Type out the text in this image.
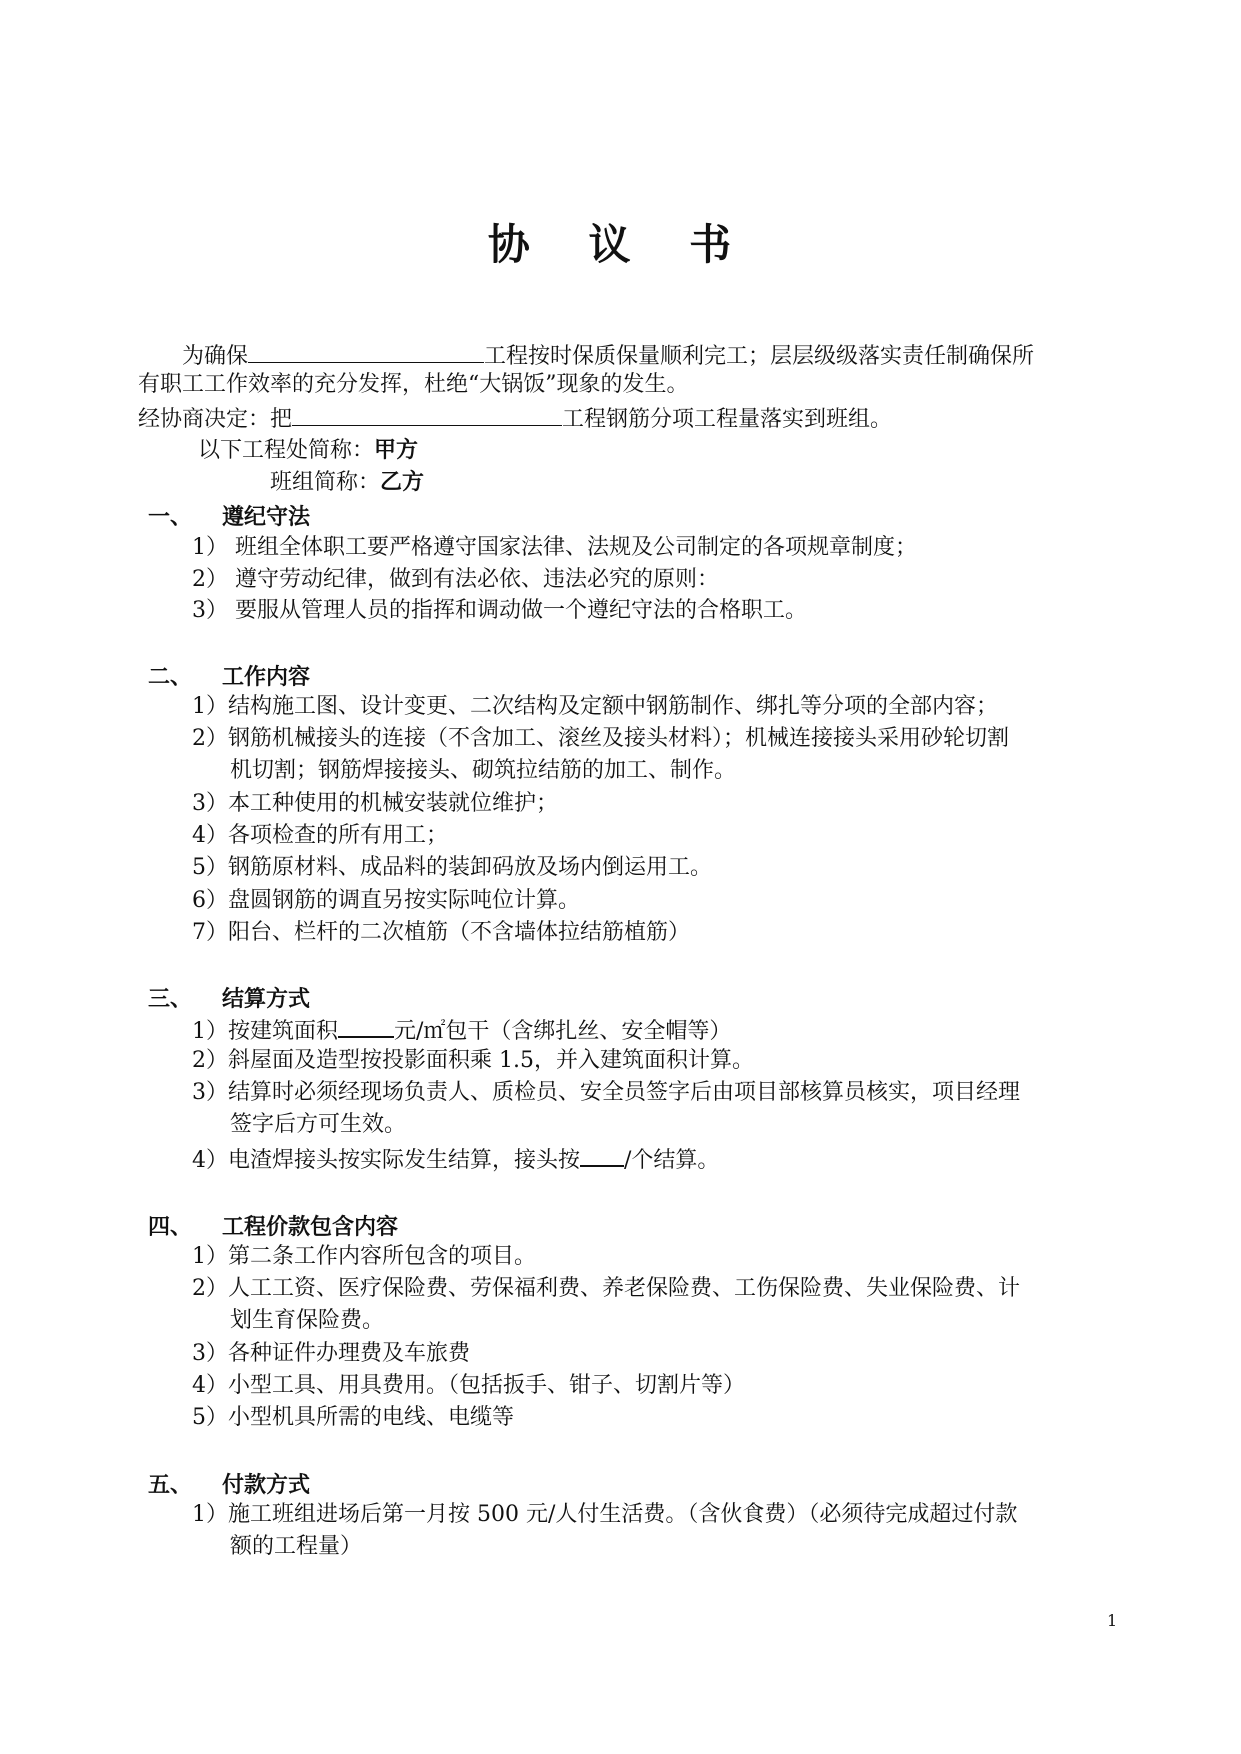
协 议 书
为确保	工程按时保质保量顺利完工；层层级级落实责任制确保所
有职工工作效率的充分发挥，杜绝“大锅饭”现象的发生。
经协商决定：把	工程钢筋分项工程量落实到班组。
以下工程处简称：甲方
班组简称：乙方
一、 遵纪守法
1） 班组全体职工要严格遵守国家法律、法规及公司制定的各项规章制度；
2） 遵守劳动纪律，做到有法必依、违法必究的原则：
3） 要服从管理人员的指挥和调动做一个遵纪守法的合格职工。
二、 工作内容
1）结构施工图、设计变更、二次结构及定额中钢筋制作、绑扎等分项的全部内容；
2）钢筋机械接头的连接（不含加工、滚丝及接头材料）；机械连接接头采用砂轮切割
机切割；钢筋焊接接头、砌筑拉结筋的加工、制作。
3）本工种使用的机械安装就位维护；
4）各项检查的所有用工；
5）钢筋原材料、成品料的装卸码放及场内倒运用工。
6）盘圆钢筋的调直另按实际吨位计算。
7）阳台、栏杆的二次植筋（不含墙体拉结筋植筋）
三、 结算方式
1）按建筑面积	元/㎡包干（含绑扎丝、安全帽等）
2）斜屋面及造型按投影面积乘 1.5，并入建筑面积计算。
3）结算时必须经现场负责人、质检员、安全员签字后由项目部核算员核实，项目经理
签字后方可生效。
4）电渣焊接头按实际发生结算，接头按 /个结算。
四、 工程价款包含内容
1）第二条工作内容所包含的项目。
2）人工工资、医疗保险费、劳保福利费、养老保险费、工伤保险费、失业保险费、计
划生育保险费。
3）各种证件办理费及车旅费
4）小型工具、用具费用。（包括扳手、钳子、切割片等）
5）小型机具所需的电线、电缆等
五、 付款方式
1）施工班组进场后第一月按 500 元/人付生活费。（含伙食费）（必须待完成超过付款
额的工程量）
1
